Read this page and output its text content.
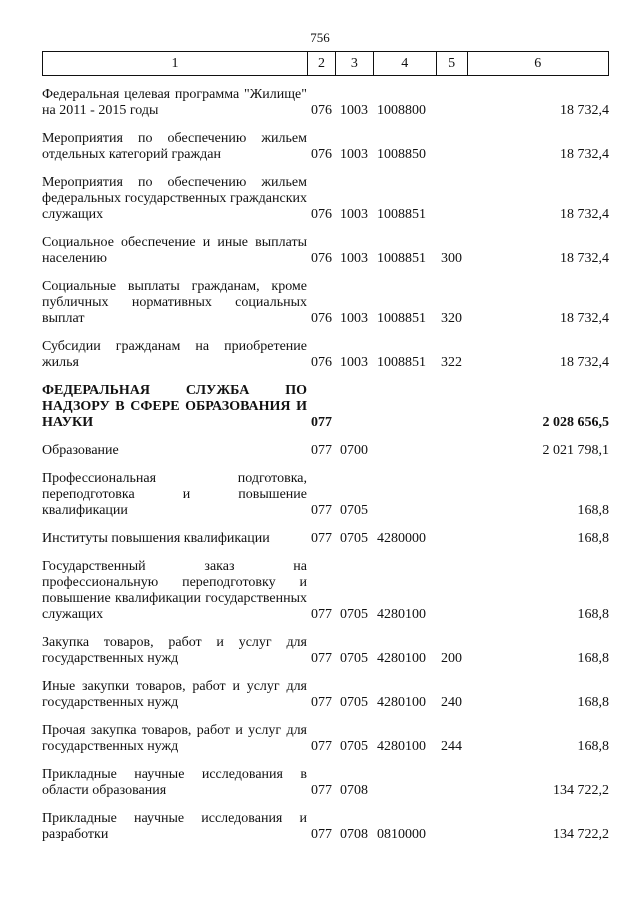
756
1	2	3	4	5	6
Федеральная целевая программа "Жилище" на 2011 - 2015 годы	076 1003 1008800	18 732,4
Мероприятия по обеспечению жильем отдельных категорий граждан	076 1003 1008850	18 732,4
Мероприятия по обеспечению жильем федеральных государственных гражданских служащих	076 1003 1008851	18 732,4
Социальное обеспечение и иные выплаты населению	076 1003 1008851	300	18 732,4
Социальные выплаты гражданам, кроме публичных нормативных социальных выплат	076 1003 1008851	320	18 732,4
Субсидии гражданам на приобретение жилья	076 1003 1008851	322	18 732,4
ФЕДЕРАЛЬНАЯ СЛУЖБА ПО НАДЗОРУ В СФЕРЕ ОБРАЗОВАНИЯ И НАУКИ	077	2 028 656,5
Образование	077 0700	2 021 798,1
Профессиональная подготовка, переподготовка и повышение квалификации	077 0705	168,8
Институты повышения квалификации	077 0705 4280000	168,8
Государственный заказ на профессиональную переподготовку и повышение квалификации государственных служащих	077 0705 4280100	168,8
Закупка товаров, работ и услуг для государственных нужд	077 0705 4280100	200	168,8
Иные закупки товаров, работ и услуг для государственных нужд	077 0705 4280100	240	168,8
Прочая закупка товаров, работ и услуг для государственных нужд	077 0705 4280100	244	168,8
Прикладные научные исследования в области образования	077 0708	134 722,2
Прикладные научные исследования и разработки	077 0708 0810000	134 722,2
